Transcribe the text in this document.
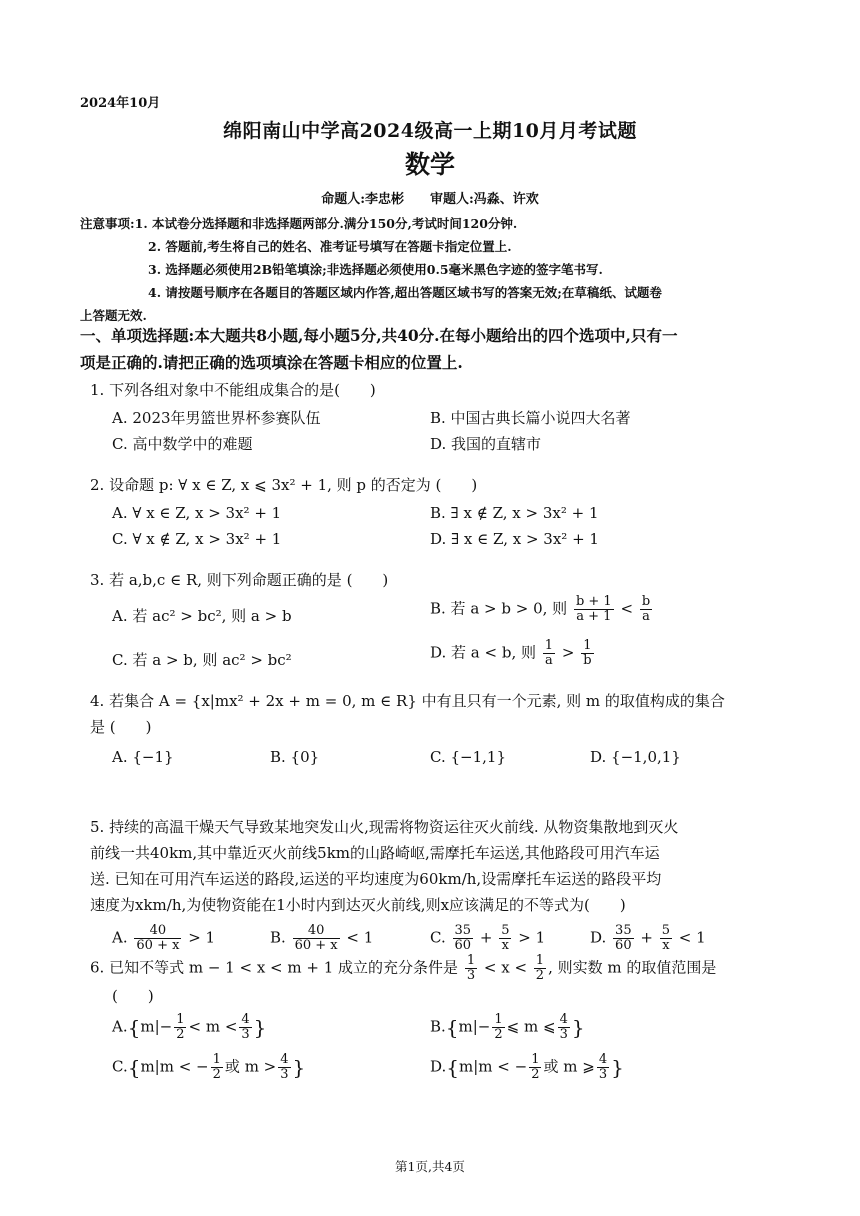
2024年10月
绵阳南山中学高2024级高一上期10月月考试题
数学
命题人:李忠彬　　审题人:冯淼、许欢
注意事项:1. 本试卷分选择题和非选择题两部分.满分150分,考试时间120分钟.
2. 答题前,考生将自己的姓名、准考证号填写在答题卡指定位置上.
3. 选择题必须使用2B铅笔填涂;非选择题必须使用0.5毫米黑色字迹的签字笔书写.
4. 请按题号顺序在各题目的答题区域内作答,超出答题区域书写的答案无效;在草稿纸、试题卷
上答题无效.
一、单项选择题:本大题共8小题,每小题5分,共40分.在每小题给出的四个选项中,只有一
项是正确的.请把正确的选项填涂在答题卡相应的位置上.
1. 下列各组对象中不能组成集合的是(　　)
A. 2023年男篮世界杯参赛队伍	B. 中国古典长篇小说四大名著
C. 高中数学中的难题	D. 我国的直辖市
2. 设命题 p: ∀ x ∈ Z, x ⩽ 3x² + 1, 则 p 的否定为 (　　)
A. ∀ x ∈ Z, x > 3x² + 1	B. ∃ x ∉ Z, x > 3x² + 1
C. ∀ x ∉ Z, x > 3x² + 1	D. ∃ x ∈ Z, x > 3x² + 1
3. 若 a,b,c ∈ R, 则下列命题正确的是 (　　)
A. 若 ac² > bc², 则 a > b	B. 若 a > b > 0, 则 $\frac{b + 1}{a + 1} < \frac{b}{a}$
C. 若 a > b, 则 ac² > bc²	D. 若 a < b, 则 $\frac{1}{a} > \frac{1}{b}$
4. 若集合 A = {x|mx² + 2x + m = 0, m ∈ R} 中有且只有一个元素, 则 m 的取值构成的集合
是 (　　)
A. {−1}	B. {0}	C. {−1,1}	D. {−1,0,1}
5. 持续的高温干燥天气导致某地突发山火,现需将物资运往灭火前线. 从物资集散地到灭火
前线一共40km,其中靠近灭火前线5km的山路崎岖,需摩托车运送,其他路段可用汽车运
送. 已知在可用汽车运送的路段,运送的平均速度为60km/h,设需摩托车运送的路段平均
速度为xkm/h,为使物资能在1小时内到达灭火前线,则x应该满足的不等式为(　　)
A. $\frac{40}{60 + x} > 1$	B. $\frac{40}{60 + x} < 1$	C. $\frac{35}{60} + \frac{5}{x} > 1$	D. $\frac{35}{60} + \frac{5}{x} < 1$
6. 已知不等式 m − 1 < x < m + 1 成立的充分条件是 $\frac{1}{3} < x < \frac{1}{2}$ , 则实数 m 的取值范围是
(　　)
$A.\{m|- \frac{1}{2} < m < \frac{4}{3}$ }	$B.\{m|- \frac{1}{2}$ ⩽ m ⩽ $\frac{4}{3}$ }
C.{m|m < − $\frac{1}{2}$ 或 $m > \frac{4}{3}$ }	D.{m|m < − $\frac{1}{2}$ 或 m ⩾ $\frac{4}{3}$ }
第1页,共4页
